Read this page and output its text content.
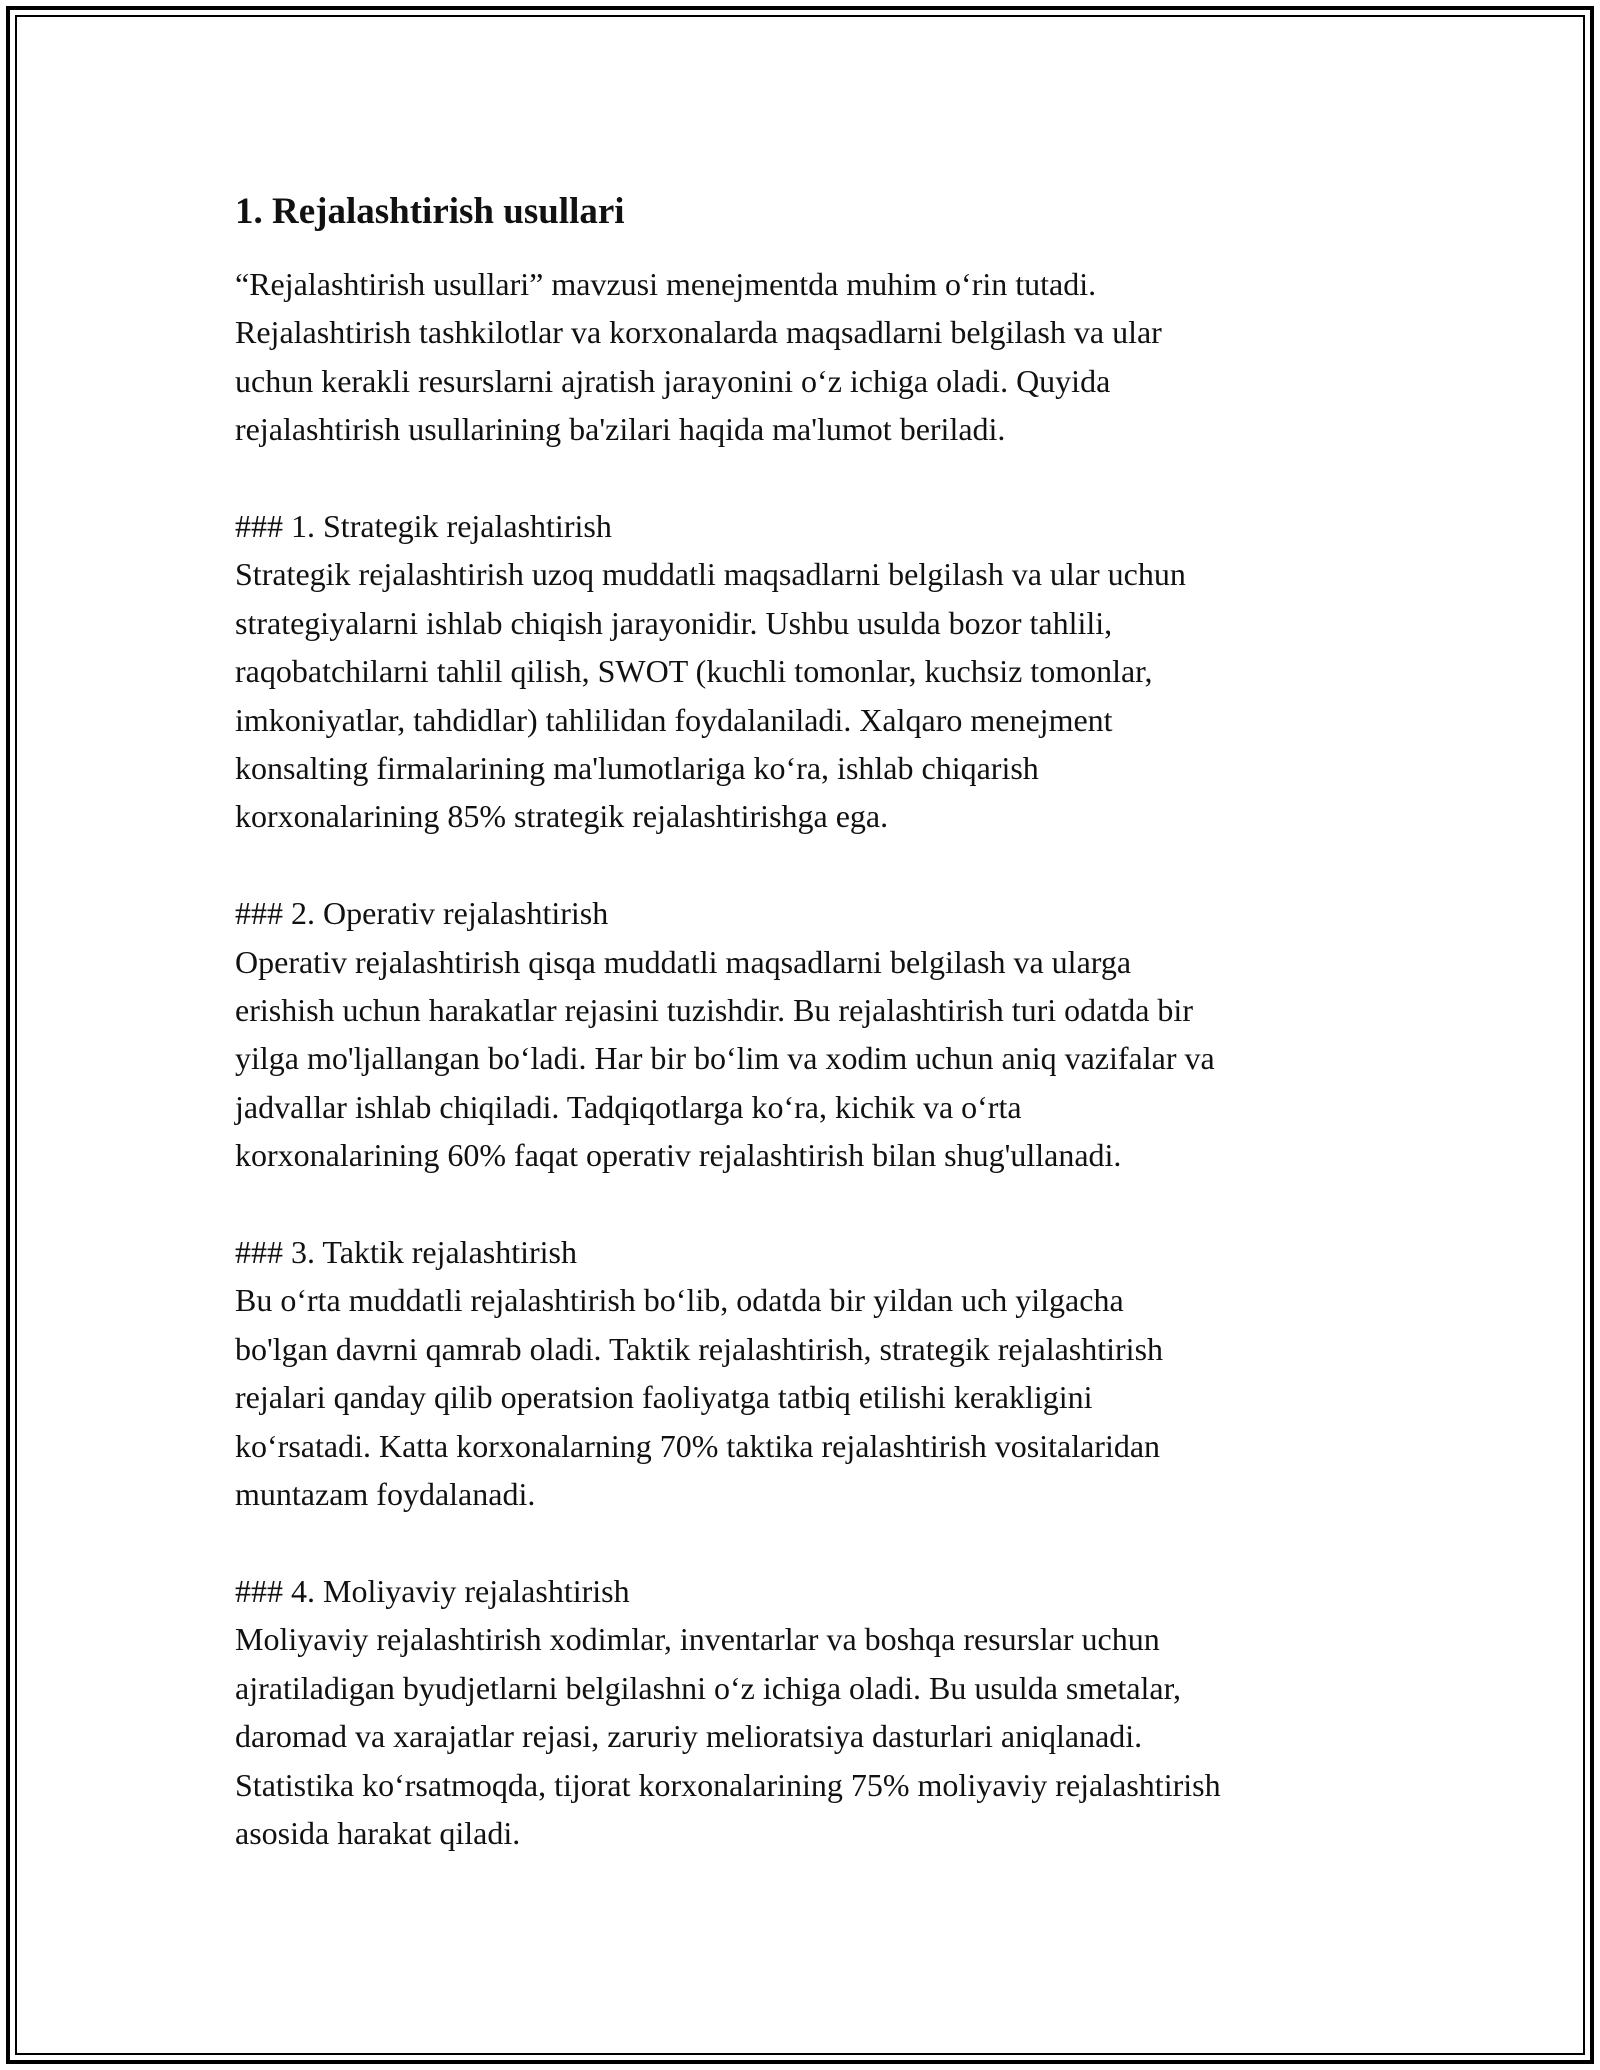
1. Rejalashtirish usullari

“Rejalashtirish usullari” mavzusi menejmentda muhim o‘rin tutadi.
Rejalashtirish tashkilotlar va korxonalarda maqsadlarni belgilash va ular
uchun kerakli resurslarni ajratish jarayonini o‘z ichiga oladi. Quyida
rejalashtirish usullarining ba'zilari haqida ma'lumot beriladi.

### 1. Strategik rejalashtirish

Strategik rejalashtirish uzoq muddatli maqsadlarni belgilash va ular uchun
strategiyalarni ishlab chiqish jarayonidir. Ushbu usulda bozor tahlili,
raqobatchilarni tahlil qilish, SWOT (kuchli tomonlar, kuchsiz tomonlar,
imkoniyatlar, tahdidlar) tahlilidan foydalaniladi. Xalqaro menejment
konsalting firmalarining ma'lumotlariga ko‘ra, ishlab chiqarish
korxonalarining 85% strategik rejalashtirishga ega.

### 2. Operativ rejalashtirish

Operativ rejalashtirish qisqa muddatli maqsadlarni belgilash va ularga
erishish uchun harakatlar rejasini tuzishdir. Bu rejalashtirish turi odatda bir
yilga mo'ljallangan bo‘ladi. Har bir bo‘lim va xodim uchun aniq vazifalar va
jadvallar ishlab chiqiladi. Tadqiqotlarga ko‘ra, kichik va o‘rta
korxonalarining 60% faqat operativ rejalashtirish bilan shug'ullanadi.

### 3. Taktik rejalashtirish

Bu o‘rta muddatli rejalashtirish bo‘lib, odatda bir yildan uch yilgacha
bo'lgan davrni qamrab oladi. Taktik rejalashtirish, strategik rejalashtirish
rejalari qanday qilib operatsion faoliyatga tatbiq etilishi kerakligini
ko‘rsatadi. Katta korxonalarning 70% taktika rejalashtirish vositalaridan
muntazam foydalanadi.

### 4. Moliyaviy rejalashtirish

Moliyaviy rejalashtirish xodimlar, inventarlar va boshqa resurslar uchun
ajratiladigan byudjetlarni belgilashni o‘z ichiga oladi. Bu usulda smetalar,
daromad va xarajatlar rejasi, zaruriy melioratsiya dasturlari aniqlanadi.
Statistika ko‘rsatmoqda, tijorat korxonalarining 75% moliyaviy rejalashtirish
asosida harakat qiladi.
